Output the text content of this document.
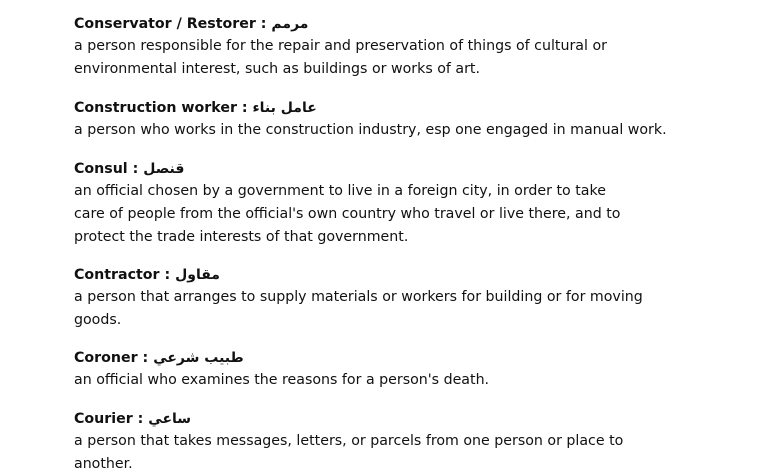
Conservator / Restorer : مرمم

a person responsible for the repair and preservation of things of cultural or
environmental interest, such as buildings or works of art.

Construction worker : عامل بناء

a person who works in the construction industry, esp one engaged in manual work.

Consul : قنصل

an official chosen by a government to live in a foreign city, in order to take
care of people from the official's own country who travel or live there, and to
protect the trade interests of that government.

Contractor : مقاول

a person that arranges to supply materials or workers for building or for moving
goods.

Coroner : طبيب شرعي

an official who examines the reasons for a person's death.

Courier : ساعي

a person that takes messages, letters, or parcels from one person or place to
another.
